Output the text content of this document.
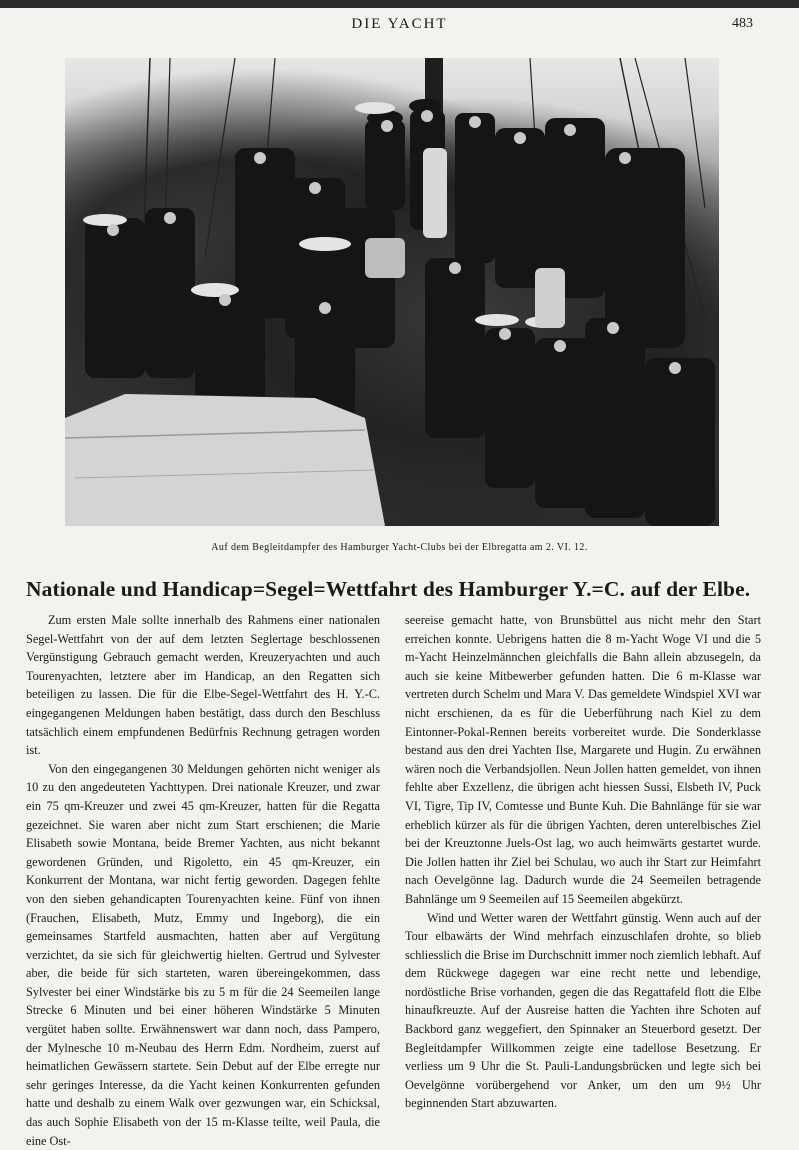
DIE YACHT	483
Auf dem Begleitdampfer des Hamburger Yacht-Clubs bei der Elbregatta am 2. VI. 12.
Nationale und Handicap=Segel=Wettfahrt des Hamburger Y.=C. auf der Elbe.

Zum ersten Male sollte innerhalb des Rahmens einer nationalen Segel-Wettfahrt von der auf dem letzten Seglertage beschlossenen Vergünstigung Gebrauch gemacht werden, Kreuzeryachten und auch Tourenyachten, letztere aber im Handicap, an den Regatten sich beteiligen zu lassen. Die für die Elbe-Segel-Wettfahrt des H. Y.-C. eingegangenen Meldungen haben bestätigt, dass durch den Beschluss tatsächlich einem empfundenen Bedürfnis Rechnung getragen worden ist.

Von den eingegangenen 30 Meldungen gehörten nicht weniger als 10 zu den angedeuteten Yachttypen. Drei nationale Kreuzer, und zwar ein 75 qm-Kreuzer und zwei 45 qm-Kreuzer, hatten für die Regatta gezeichnet. Sie waren aber nicht zum Start erschienen; die Marie Elisabeth sowie Montana, beide Bremer Yachten, aus nicht bekannt gewordenen Gründen, und Rigoletto, ein 45 qm-Kreuzer, ein Konkurrent der Montana, war nicht fertig geworden. Dagegen fehlte von den sieben gehandicapten Tourenyachten keine. Fünf von ihnen (Frauchen, Elisabeth, Mutz, Emmy und Ingeborg), die ein gemeinsames Startfeld ausmachten, hatten aber auf Vergütung verzichtet, da sie sich für gleichwertig hielten. Gertrud und Sylvester aber, die beide für sich starteten, waren übereingekommen, dass Sylvester bei einer Windstärke bis zu 5 m für die 24 Seemeilen lange Strecke 6 Minuten und bei einer höheren Windstärke 5 Minuten vergütet haben sollte. Erwähnenswert war dann noch, dass Pampero, der Mylnesche 10 m-Neubau des Herrn Edm. Nordheim, zuerst auf heimatlichen Gewässern startete. Sein Debut auf der Elbe erregte nur sehr geringes Interesse, da die Yacht keinen Konkurrenten gefunden hatte und deshalb zu einem Walk over gezwungen war, ein Schicksal, das auch Sophie Elisabeth von der 15 m-Klasse teilte, weil Paula, die eine Ost-

seereise gemacht hatte, von Brunsbüttel aus nicht mehr den Start erreichen konnte. Uebrigens hatten die 8 m-Yacht Woge VI und die 5 m-Yacht Heinzelmännchen gleichfalls die Bahn allein abzusegeln, da auch sie keine Mitbewerber gefunden hatten. Die 6 m-Klasse war vertreten durch Schelm und Mara V. Das gemeldete Windspiel XVI war nicht erschienen, da es für die Ueberführung nach Kiel zu dem Eintonner-Pokal-Rennen bereits vorbereitet wurde. Die Sonderklasse bestand aus den drei Yachten Ilse, Margarete und Hugin. Zu erwähnen wären noch die Verbandsjollen. Neun Jollen hatten gemeldet, von ihnen fehlte aber Exzellenz, die übrigen acht hiessen Sussi, Elsbeth IV, Puck VI, Tigre, Tip IV, Comtesse und Bunte Kuh. Die Bahnlänge für sie war erheblich kürzer als für die übrigen Yachten, deren unterelbisches Ziel bei der Kreuztonne Juels-Ost lag, wo auch heimwärts gestartet wurde. Die Jollen hatten ihr Ziel bei Schulau, wo auch ihr Start zur Heimfahrt nach Oevelgönne lag. Dadurch wurde die 24 Seemeilen betragende Bahnlänge um 9 Seemeilen auf 15 Seemeilen abgekürzt.

Wind und Wetter waren der Wettfahrt günstig. Wenn auch auf der Tour elbawärts der Wind mehrfach einzuschlafen drohte, so blieb schliesslich die Brise im Durchschnitt immer noch ziemlich lebhaft. Auf dem Rückwege dagegen war eine recht nette und lebendige, nordöstliche Brise vorhanden, gegen die das Regattafeld flott die Elbe hinaufkreuzte. Auf der Ausreise hatten die Yachten ihre Schoten auf Backbord ganz weggefiert, den Spinnaker an Steuerbord gesetzt. Der Begleitdampfer Willkommen zeigte eine tadellose Besetzung. Er verliess um 9 Uhr die St. Pauli-Landungsbrücken und legte sich bei Oevelgönne vorübergehend vor Anker, um den um 9½ Uhr beginnenden Start abzuwarten.
